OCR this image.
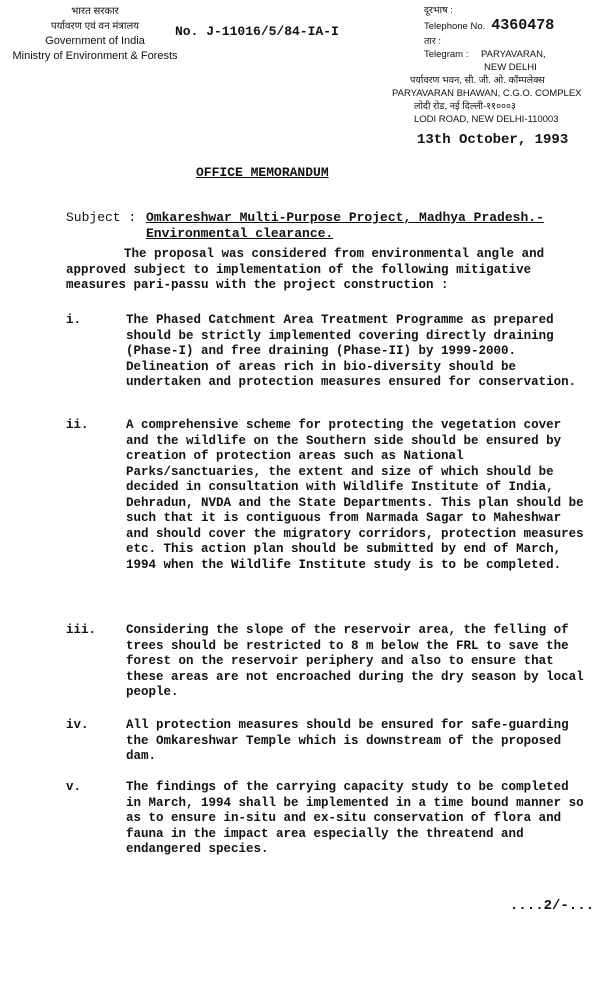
भारत सरकार
पर्यावरण एवं वन मंत्रालय
Government of India
Ministry of Environment & Forests
No. J-11016/5/84-IA-I
दूरभाष :
Telephone No. 4360478
तार :
Telegram : PARYAVARAN,
NEW DELHI
पर्यावरण भवन, सी. जी. ओ. कॉम्पलेक्स
PARYAVARAN BHAWAN, C.G.O. COMPLEX
लोदी रोड, नई दिल्ली-११०००३
LODI ROAD, NEW DELHI-110003
13th October, 1993
OFFICE MEMORANDUM
Subject : Omkareshwar Multi-Purpose Project, Madhya Pradesh.- Environmental clearance.
The proposal was considered from environmental angle and approved subject to implementation of the following mitigative measures pari-passu with the project construction :
i.	The Phased Catchment Area Treatment Programme as prepared should be strictly implemented covering directly draining (Phase-I) and free draining (Phase-II) by 1999-2000. Delineation of areas rich in bio-diversity should be undertaken and protection measures ensured for conservation.
ii.	A comprehensive scheme for protecting the vegetation cover and the wildlife on the Southern side should be ensured by creation of protection areas such as National Parks/sanctuaries, the extent and size of which should be decided in consultation with Wildlife Institute of India, Dehradun, NVDA and the State Departments. This plan should be such that it is contiguous from Narmada Sagar to Maheshwar and should cover the migratory corridors, protection measures etc. This action plan should be submitted by end of March, 1994 when the Wildlife Institute study is to be completed.
iii.	Considering the slope of the reservoir area, the felling of trees should be restricted to 8 m below the FRL to save the forest on the reservoir periphery and also to ensure that these areas are not encroached during the dry season by local people.
iv.	All protection measures should be ensured for safe-guarding the Omkareshwar Temple which is downstream of the proposed dam.
v.	The findings of the carrying capacity study to be completed in March, 1994 shall be implemented in a time bound manner so as to ensure in-situ and ex-situ conservation of flora and fauna in the impact area especially the threatend and endangered species.
....2/-...
